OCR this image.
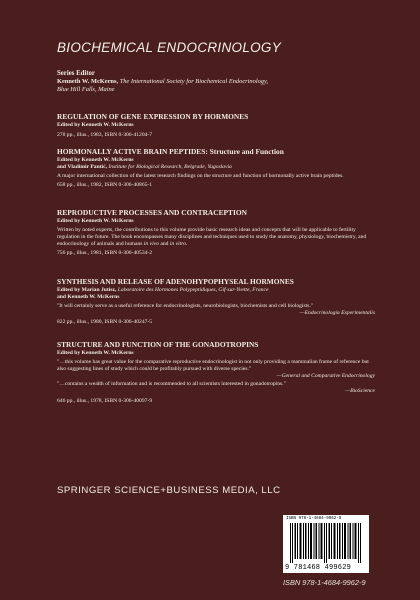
BIOCHEMICAL ENDOCRINOLOGY
Series Editor
Kenneth W. McKerns, The International Society for Biochemical Endocrinology,
Blue Hill Falls, Maine
REGULATION OF GENE EXPRESSION BY HORMONES
Edited by Kenneth W. McKerns
278 pp., illus., 1983, ISBN 0-306-41204-7
HORMONALLY ACTIVE BRAIN PEPTIDES: Structure and Function
Edited by Kenneth W. McKerns
and Vladimir Pantić, Institute for Biological Research, Belgrade, Yugoslavia
A major international collection of the latest research findings on the structure and function of hormonally active brain peptides.
658 pp., illus., 1982, ISBN 0-306-40865-1
REPRODUCTIVE PROCESSES AND CONTRACEPTION
Edited by Kenneth W. McKerns
Written by noted experts, the contributions to this volume provide basic research ideas and concepts that will be applicable to fertility regulation in the future. The book encompasses many disciplines and techniques used to study the anatomy, physiology, biochemistry, and endocrinology of animals and humans in vivo and in vitro.
756 pp., illus., 1981, ISBN 0-306-40534-2
SYNTHESIS AND RELEASE OF ADENOHYPOPHYSEAL HORMONES
Edited by Marian Jutisz, Laboratoire des Hormones Polypeptidiques, Gif-sur-Yvette, France
and Kenneth W. McKerns
"It will certainly serve as a useful reference for endocrinologists, neurobiologists, biochemists and cell biologists."
—Endocrinologia Experimentalis
822 pp., illus., 1980, ISBN 0-306-40247-5
STRUCTURE AND FUNCTION OF THE GONADOTROPINS
Edited by Kenneth W. McKerns
"…this volume has great value for the comparative reproductive endocrinologist in not only providing a mammalian frame of reference but also suggesting lines of study which could be profitably pursued with diverse species."
—General and Comparative Endocrinology
"…contains a wealth of information and is recommended to all scientists interested in gonadotropins."
—BioScience
646 pp., illus., 1978, ISBN 0-306-40097-9
SPRINGER SCIENCE+BUSINESS MEDIA, LLC
ISBN 978-1-4684-9962-9
9 781468 499629
ISBN 978-1-4684-9962-9
